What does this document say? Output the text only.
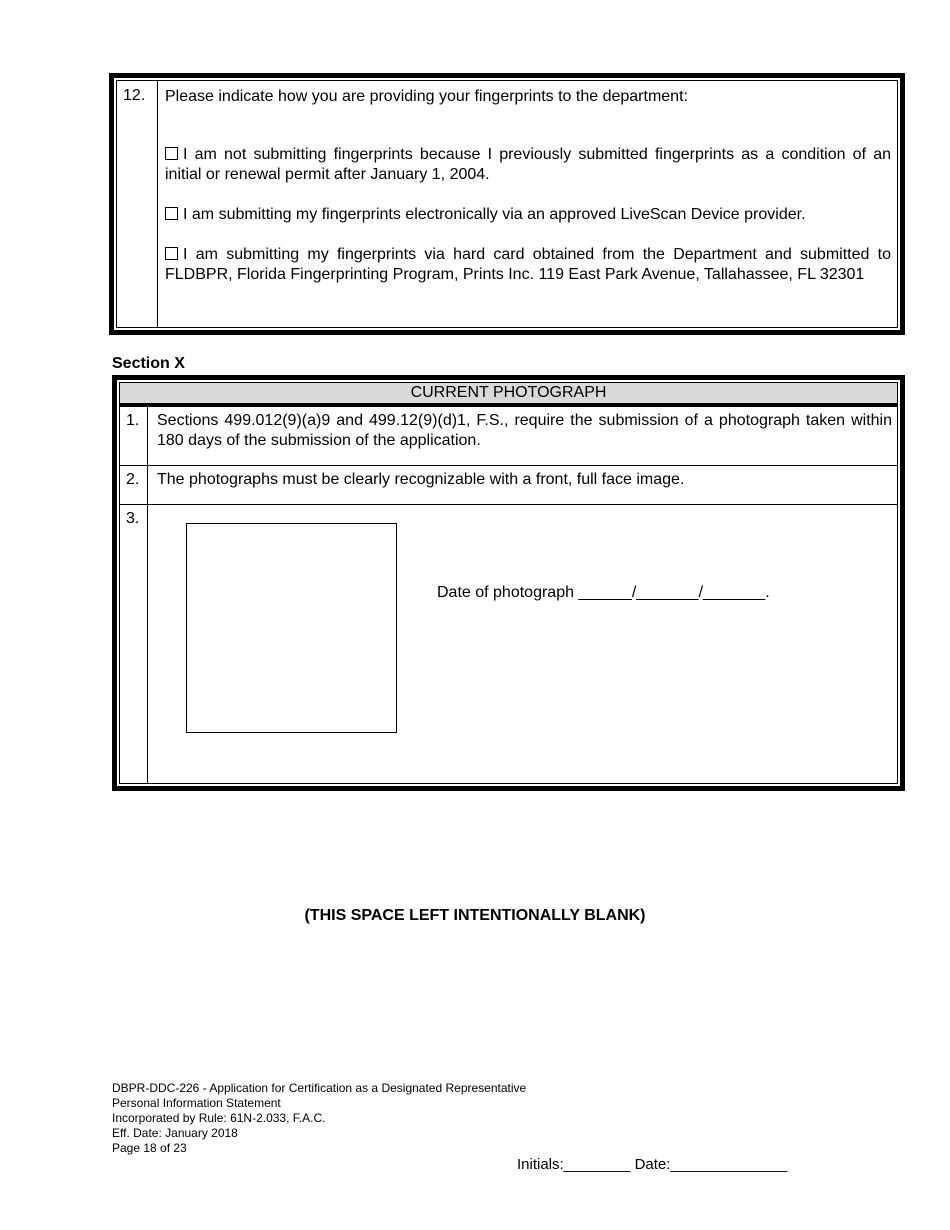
12. Please indicate how you are providing your fingerprints to the department:

I am not submitting fingerprints because I previously submitted fingerprints as a condition of an initial or renewal permit after January 1, 2004.

I am submitting my fingerprints electronically via an approved LiveScan Device provider.

I am submitting my fingerprints via hard card obtained from the Department and submitted to FLDBPR, Florida Fingerprinting Program, Prints Inc. 119 East Park Avenue, Tallahassee, FL 32301

Section X
CURRENT PHOTOGRAPH
1.	Sections 499.012(9)(a)9 and 499.12(9)(d)1, F.S., require the submission of a photograph taken within 180 days of the submission of the application.
2.	The photographs must be clearly recognizable with a front, full face image.
3.
Date of photograph ______/_______/_______.
(THIS SPACE LEFT INTENTIONALLY BLANK)
DBPR-DDC-226 - Application for Certification as a Designated Representative
Personal Information Statement
Incorporated by Rule: 61N-2.033, F.A.C.
Eff. Date: January 2018
Page 18 of 23
Initials:________ Date:______________
